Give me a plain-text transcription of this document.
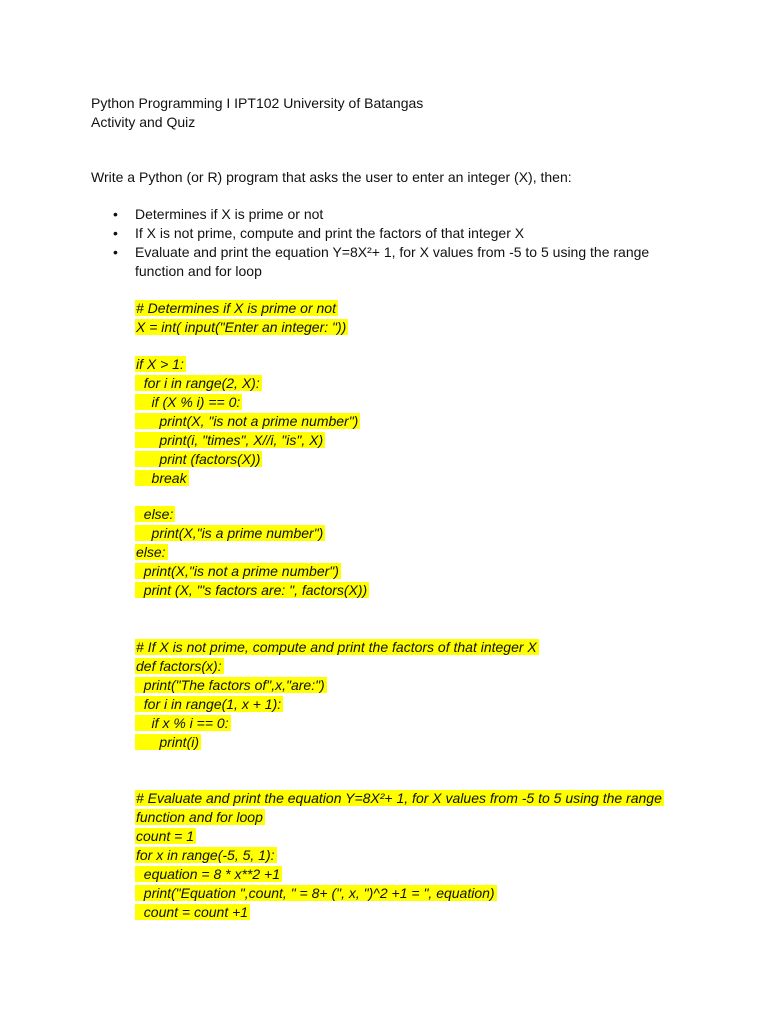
Python Programming I IPT102 University of Batangas
Activity and Quiz
Write a Python (or R) program that asks the user to enter an integer (X), then:
• Determines if X is prime or not
• If X is not prime, compute and print the factors of that integer X
• Evaluate and print the equation Y=8X²+ 1, for X values from -5 to 5 using the range
function and for loop
# Determines if X is prime or not
X = int( input("Enter an integer: "))
if X > 1:
for i in range(2, X):
if (X % i) == 0:
print(X, "is not a prime number")
print(i, "times", X//i, "is", X)
print (factors(X))
break
else:
print(X,"is a prime number")
else:
print(X,"is not a prime number")
print (X, "'s factors are: ", factors(X))
# If X is not prime, compute and print the factors of that integer X
def factors(x):
print("The factors of",x,"are:")
for i in range(1, x + 1):
if x % i == 0:
print(i)
# Evaluate and print the equation Y=8X²+ 1, for X values from -5 to 5 using the range
function and for loop
count = 1
for x in range(-5, 5, 1):
equation = 8 * x**2 +1
print("Equation ",count, " = 8+ (", x, ")^2 +1 = ", equation)
count = count +1
